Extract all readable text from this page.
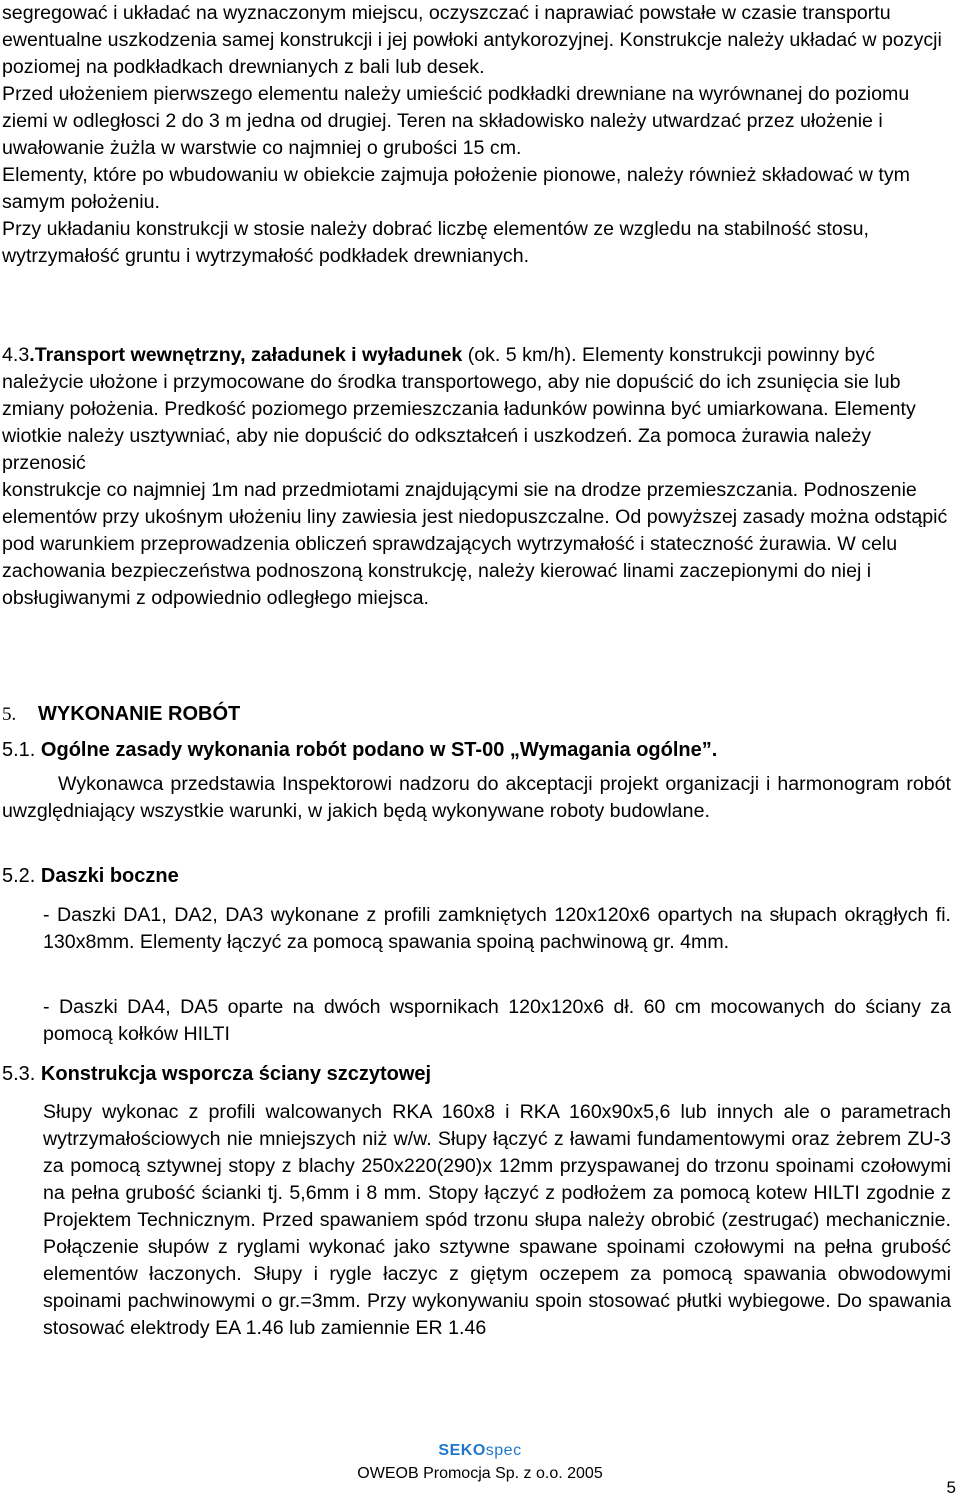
segregować i układać na wyznaczonym miejscu, oczyszczać i naprawiać powstałe w czasie transportu ewentualne uszkodzenia samej konstrukcji i jej powłoki antykorozyjnej. Konstrukcje należy układać w pozycji poziomej na podkładkach drewnianych z bali lub desek.

Przed ułożeniem pierwszego elementu należy umieścić podkładki drewniane na wyrównanej do poziomu ziemi w odległosci 2 do 3 m jedna od drugiej. Teren na składowisko należy utwardzać przez ułożenie i uwałowanie żużla w warstwie co najmniej o grubości 15 cm.

Elementy, które po wbudowaniu w obiekcie zajmuja położenie pionowe, należy również składować w tym samym położeniu.

Przy układaniu konstrukcji w stosie należy dobrać liczbę elementów ze wzgledu na stabilność stosu, wytrzymałość gruntu i wytrzymałość podkładek drewnianych.

4.3.Transport wewnętrzny, załadunek i wyładunek (ok. 5 km/h). Elementy konstrukcji powinny być należycie ułożone i przymocowane do środka transportowego, aby nie dopuścić do ich zsunięcia sie lub zmiany położenia. Predkość poziomego przemieszczania ładunków powinna być umiarkowana. Elementy wiotkie należy usztywniać, aby nie dopuścić do odkształceń i uszkodzeń. Za pomoca żurawia należy przenosić
konstrukcje co najmniej 1m nad przedmiotami znajdującymi sie na drodze przemieszczania. Podnoszenie elementów przy ukośnym ułożeniu liny zawiesia jest niedopuszczalne. Od powyższej zasady można odstąpić pod warunkiem przeprowadzenia obliczeń sprawdzających wytrzymałość i stateczność żurawia. W celu zachowania bezpieczeństwa podnoszoną konstrukcję, należy kierować linami zaczepionymi do niej i obsługiwanymi z odpowiednio odległego miejsca.
5. WYKONANIE ROBÓT
5.1. Ogólne zasady wykonania robót podano w ST-00 „Wymagania ogólne”.

Wykonawca przedstawia Inspektorowi nadzoru do akceptacji projekt organizacji i harmonogram robót uwzględniający wszystkie warunki, w jakich będą wykonywane roboty budowlane.

5.2. Daszki boczne

- Daszki DA1, DA2, DA3 wykonane z profili zamkniętych 120x120x6 opartych na słupach okrągłych fi. 130x8mm. Elementy łączyć za pomocą spawania spoiną pachwinową gr. 4mm.

- Daszki DA4, DA5 oparte na dwóch wspornikach 120x120x6 dł. 60 cm mocowanych do ściany za pomocą kołków HILTI

5.3. Konstrukcja wsporcza ściany szczytowej

Słupy wykonac z profili walcowanych RKA 160x8 i RKA 160x90x5,6 lub innych ale o parametrach wytrzymałościowych nie mniejszych niż w/w. Słupy łączyć z ławami fundamentowymi oraz żebrem ZU-3 za pomocą sztywnej stopy z blachy 250x220(290)x 12mm przyspawanej do trzonu spoinami czołowymi na pełna grubość ścianki tj. 5,6mm i 8 mm. Stopy łączyć z podłożem za pomocą kotew HILTI zgodnie z Projektem Technicznym. Przed spawaniem spód trzonu słupa należy obrobić (zestrugać) mechanicznie. Połączenie słupów z ryglami wykonać jako sztywne spawane spoinami czołowymi na pełna grubość elementów łaczonych. Słupy i rygle łaczyc z giętym oczepem za pomocą spawania obwodowymi spoinami pachwinowymi o gr.=3mm. Przy wykonywaniu spoin stosować płutki wybiegowe. Do spawania stosować elektrody EA 1.46 lub zamiennie ER 1.46

SEKOspec
OWEOB Promocja Sp. z o.o. 2005
5
